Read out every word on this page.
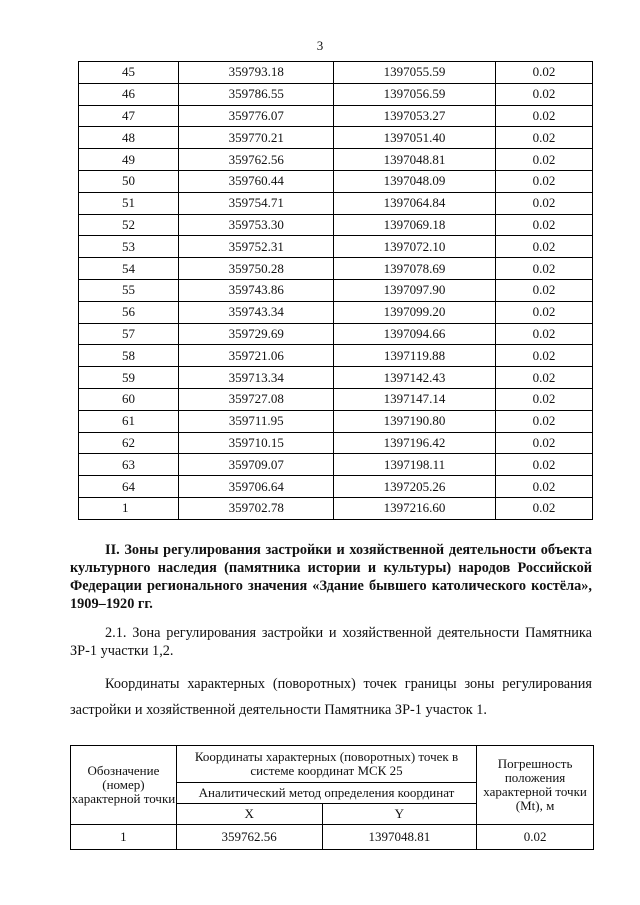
3
45	359793.18	1397055.59	0.02
46	359786.55	1397056.59	0.02
47	359776.07	1397053.27	0.02
48	359770.21	1397051.40	0.02
49	359762.56	1397048.81	0.02
50	359760.44	1397048.09	0.02
51	359754.71	1397064.84	0.02
52	359753.30	1397069.18	0.02
53	359752.31	1397072.10	0.02
54	359750.28	1397078.69	0.02
55	359743.86	1397097.90	0.02
56	359743.34	1397099.20	0.02
57	359729.69	1397094.66	0.02
58	359721.06	1397119.88	0.02
59	359713.34	1397142.43	0.02
60	359727.08	1397147.14	0.02
61	359711.95	1397190.80	0.02
62	359710.15	1397196.42	0.02
63	359709.07	1397198.11	0.02
64	359706.64	1397205.26	0.02
1	359702.78	1397216.60	0.02

II. Зоны регулирования застройки и хозяйственной деятельности объекта культурного наследия (памятника истории и культуры) народов Российской Федерации регионального значения «Здание бывшего католического костёла», 1909–1920 гг.

2.1. Зона регулирования застройки и хозяйственной деятельности Памятника ЗР-1 участки 1,2.

Координаты характерных (поворотных) точек границы зоны регулирования застройки и хозяйственной деятельности Памятника ЗР-1 участок 1.

Обозначение (номер) характерной точки	Координаты характерных (поворотных) точек в системе координат МСК 25		Погрешность положения характерной точки (Mt), м
	Аналитический метод определения координат		
	X	Y	
1	359762.56	1397048.81	0.02
